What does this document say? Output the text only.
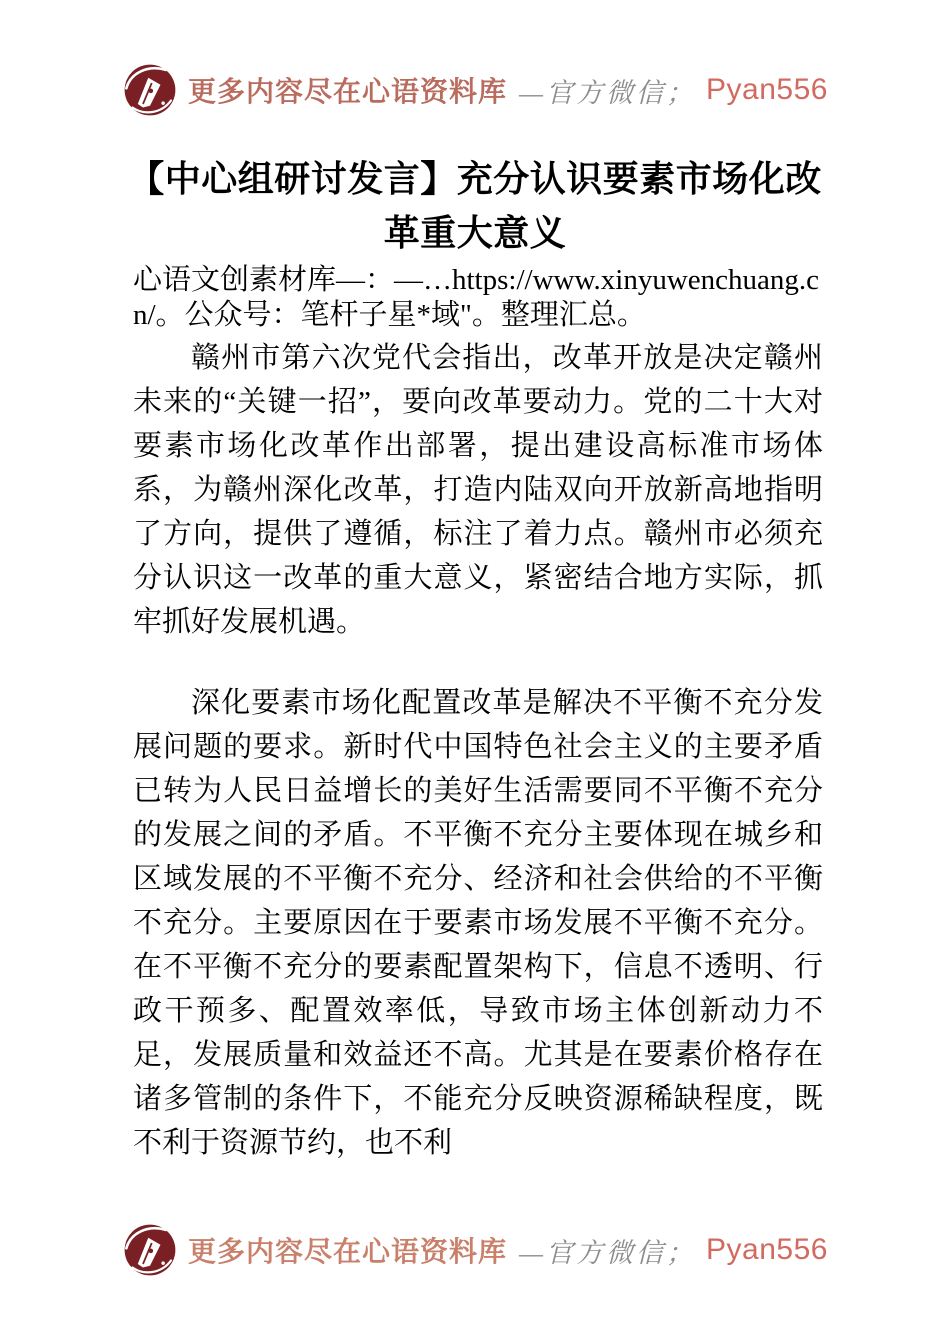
更多内容尽在心语资料库 —官方微信； Pyan556
【中心组研讨发言】充分认识要素市场化改革重大意义

心语文创素材库—：—…https://www.xinyuwenchuang.cn/。公众号：笔杆子星*域"。整理汇总。

赣州市第六次党代会指出，改革开放是决定赣州未来的“关键一招”，要向改革要动力。党的二十大对要素市场化改革作出部署，提出建设高标准市场体系，为赣州深化改革，打造内陆双向开放新高地指明了方向，提供了遵循，标注了着力点。赣州市必须充分认识这一改革的重大意义，紧密结合地方实际，抓牢抓好发展机遇。

深化要素市场化配置改革是解决不平衡不充分发展问题的要求。新时代中国特色社会主义的主要矛盾已转为人民日益增长的美好生活需要同不平衡不充分的发展之间的矛盾。不平衡不充分主要体现在城乡和区域发展的不平衡不充分、经济和社会供给的不平衡不充分。主要原因在于要素市场发展不平衡不充分。在不平衡不充分的要素配置架构下，信息不透明、行政干预多、配置效率低，导致市场主体创新动力不足，发展质量和效益还不高。尤其是在要素价格存在诸多管制的条件下，不能充分反映资源稀缺程度，既不利于资源节约，也不利

更多内容尽在心语资料库 —官方微信； Pyan556
